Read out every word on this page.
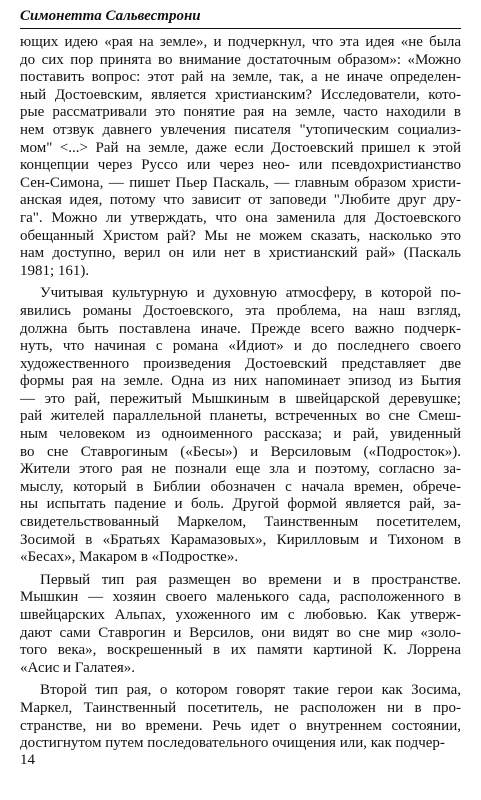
Симонетта Сальвестрони
ющих идею «рая на земле», и подчеркнул, что эта идея «не была
до сих пор принята во внимание достаточным образом»: «Можно
поставить вопрос: этот рай на земле, так, а не иначе определен-
ный Достоевским, является христианским? Исследователи, кото-
рые рассматривали это понятие рая на земле, часто находили в
нем отзвук давнего увлечения писателя "утопическим социализ-
мом" <...> Рай на земле, даже если Достоевский пришел к этой
концепции через Руссо или через нео- или псевдохристианство
Сен-Симона, — пишет Пьер Паскаль, — главным образом христи-
анская идея, потому что зависит от заповеди "Любите друг дру-
га". Можно ли утверждать, что она заменила для Достоевского
обещанный Христом рай? Мы не можем сказать, насколько это
нам доступно, верил он или нет в христианский рай» (Паскаль
1981; 161).
Учитывая культурную и духовную атмосферу, в которой по-
явились романы Достоевского, эта проблема, на наш взгляд,
должна быть поставлена иначе. Прежде всего важно подчерк-
нуть, что начиная с романа «Идиот» и до последнего своего
художественного произведения Достоевский представляет две
формы рая на земле. Одна из них напоминает эпизод из Бытия
— это рай, пережитый Мышкиным в швейцарской деревушке;
рай жителей параллельной планеты, встреченных во сне Смеш-
ным человеком из одноименного рассказа; и рай, увиденный
во сне Ставрогиным («Бесы») и Версиловым («Подросток»).
Жители этого рая не познали еще зла и поэтому, согласно за-
мыслу, который в Библии обозначен с начала времен, обрече-
ны испытать падение и боль. Другой формой является рай, за-
свидетельствованный Маркелом, Таинственным посетителем,
Зосимой в «Братьях Карамазовых», Кирилловым и Тихоном в
«Бесах», Макаром в «Подростке».
Первый тип рая размещен во времени и в пространстве.
Мышкин — хозяин своего маленького сада, расположенного в
швейцарских Альпах, ухоженного им с любовью. Как утверж-
дают сами Ставрогин и Версилов, они видят во сне мир «золо-
того века», воскрешенный в их памяти картиной К. Лоррена
«Асис и Галатея».
Второй тип рая, о котором говорят такие герои как Зосима,
Маркел, Таинственный посетитель, не расположен ни в про-
странстве, ни во времени. Речь идет о внутреннем состоянии,
достигнутом путем последовательного очищения или, как подчер-
14
